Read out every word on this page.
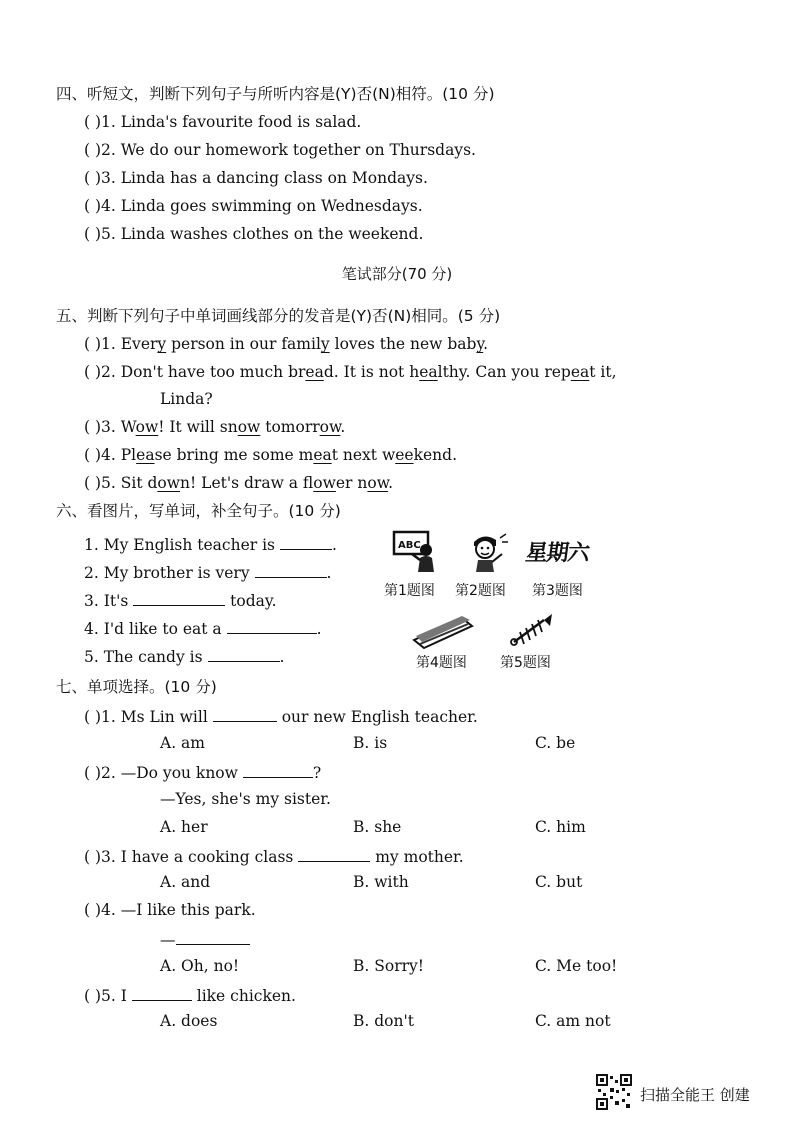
四、听短文，判断下列句子与所听内容是(Y)否(N)相符。(10 分)
( )1. Linda's favourite food is salad.
( )2. We do our homework together on Thursdays.
( )3. Linda has a dancing class on Mondays.
( )4. Linda goes swimming on Wednesdays.
( )5. Linda washes clothes on the weekend.
笔试部分(70 分)
五、判断下列句子中单词画线部分的发音是(Y)否(N)相同。(5 分)
( )1. Every person in our family loves the new baby.
( )2. Don't have too much bread. It is not healthy. Can you repeat it,
Linda?
( )3. Wow! It will snow tomorrow.
( )4. Please bring me some meat next weekend.
( )5. Sit down! Let's draw a flower now.
六、看图片，写单词，补全句子。(10 分)
1. My English teacher is	.
2. My brother is very	.
3. It's	today.
4. I'd like to eat a	.
5. The candy is	.
ABC	星期六
第1题图 第2题图 第3题图
第4题图 第5题图
七、单项选择。(10 分)
( )1. Ms Lin will	our new English teacher.
A. am	B. is	C. be
( )2. —Do you know	?
—Yes, she's my sister.
A. her	B. she	C. him
( )3. I have a cooking class	my mother.
A. and	B. with	C. but
( )4. —I like this park.
—
A. Oh, no!	B. Sorry!	C. Me too!
( )5. I	like chicken.
A. does	B. don't	C. am not
扫描全能王 创建
